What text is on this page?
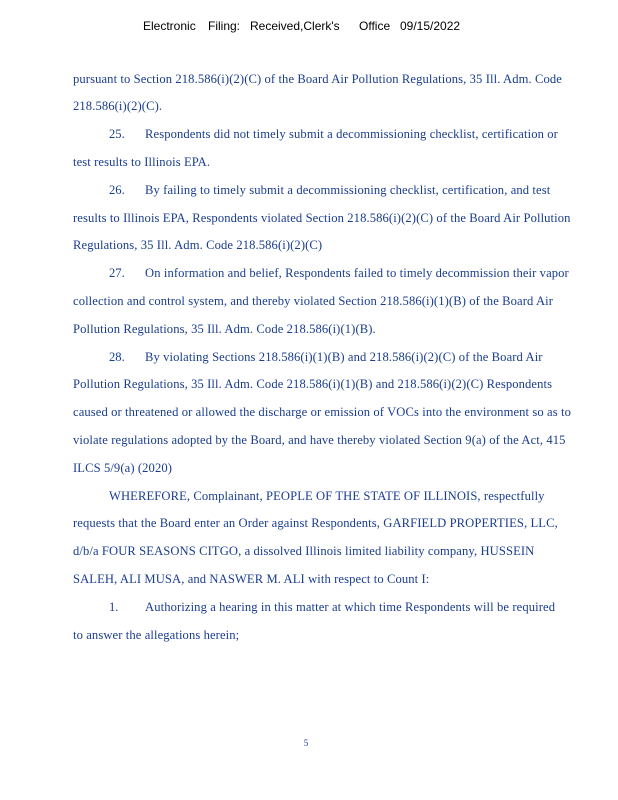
Electronic Filing: Received,Clerk's Office 09/15/2022
pursuant to Section 218.586(i)(2)(C) of the Board Air Pollution Regulations, 35 Ill. Adm. Code
218.586(i)(2)(C).
25. Respondents did not timely submit a decommissioning checklist, certification or
test results to Illinois EPA.
26. By failing to timely submit a decommissioning checklist, certification, and test
results to Illinois EPA, Respondents violated Section 218.586(i)(2)(C) of the Board Air Pollution
Regulations, 35 Ill. Adm. Code 218.586(i)(2)(C)
27. On information and belief, Respondents failed to timely decommission their vapor
collection and control system, and thereby violated Section 218.586(i)(1)(B) of the Board Air
Pollution Regulations, 35 Ill. Adm. Code 218.586(i)(1)(B).
28. By violating Sections 218.586(i)(1)(B) and 218.586(i)(2)(C) of the Board Air
Pollution Regulations, 35 Ill. Adm. Code 218.586(i)(1)(B) and 218.586(i)(2)(C) Respondents
caused or threatened or allowed the discharge or emission of VOCs into the environment so as to
violate regulations adopted by the Board, and have thereby violated Section 9(a) of the Act, 415
ILCS 5/9(a) (2020)
WHEREFORE, Complainant, PEOPLE OF THE STATE OF ILLINOIS, respectfully
requests that the Board enter an Order against Respondents, GARFIELD PROPERTIES, LLC,
d/b/a FOUR SEASONS CITGO, a dissolved Illinois limited liability company, HUSSEIN
SALEH, ALI MUSA, and NASWER M. ALI with respect to Count I:
1. Authorizing a hearing in this matter at which time Respondents will be required
to answer the allegations herein;
5
